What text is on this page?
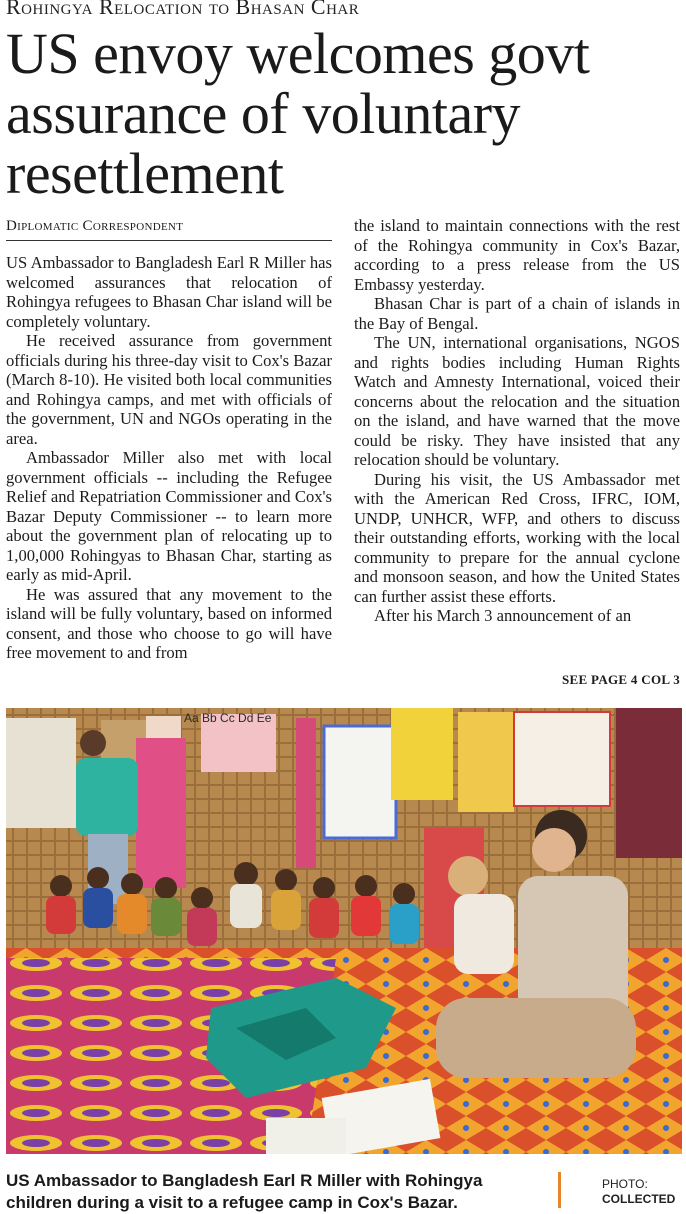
Rohingya Relocation to Bhasan Char
US envoy welcomes govt assurance of voluntary resettlement
Diplomatic Correspondent

US Ambassador to Bangladesh Earl R Miller has welcomed assurances that relocation of Rohingya refugees to Bhasan Char island will be completely voluntary.

He received assurance from government officials during his three-day visit to Cox's Bazar (March 8-10). He visited both local communities and Rohingya camps, and met with officials of the government, UN and NGOs operating in the area.

Ambassador Miller also met with local government officials -- including the Refugee Relief and Repatriation Commissioner and Cox's Bazar Deputy Commissioner -- to learn more about the government plan of relocating up to 1,00,000 Rohingyas to Bhasan Char, starting as early as mid-April.

He was assured that any movement to the island will be fully voluntary, based on informed consent, and those who choose to go will have free movement to and from

the island to maintain connections with the rest of the Rohingya community in Cox's Bazar, according to a press release from the US Embassy yesterday.

Bhasan Char is part of a chain of islands in the Bay of Bengal.

The UN, international organisations, NGOS and rights bodies including Human Rights Watch and Amnesty International, voiced their concerns about the relocation and the situation on the island, and have warned that the move could be risky. They have insisted that any relocation should be voluntary.

During his visit, the US Ambassador met with the American Red Cross, IFRC, IOM, UNDP, UNHCR, WFP, and others to discuss their outstanding efforts, working with the local community to prepare for the annual cyclone and monsoon season, and how the United States can further assist these efforts.

After his March 3 announcement of an

SEE PAGE 4 COL 3
Aa Bb Cc Dd Ee
US Ambassador to Bangladesh Earl R Miller with Rohingya children during a visit to a refugee camp in Cox's Bazar.
PHOTO:
COLLECTED
